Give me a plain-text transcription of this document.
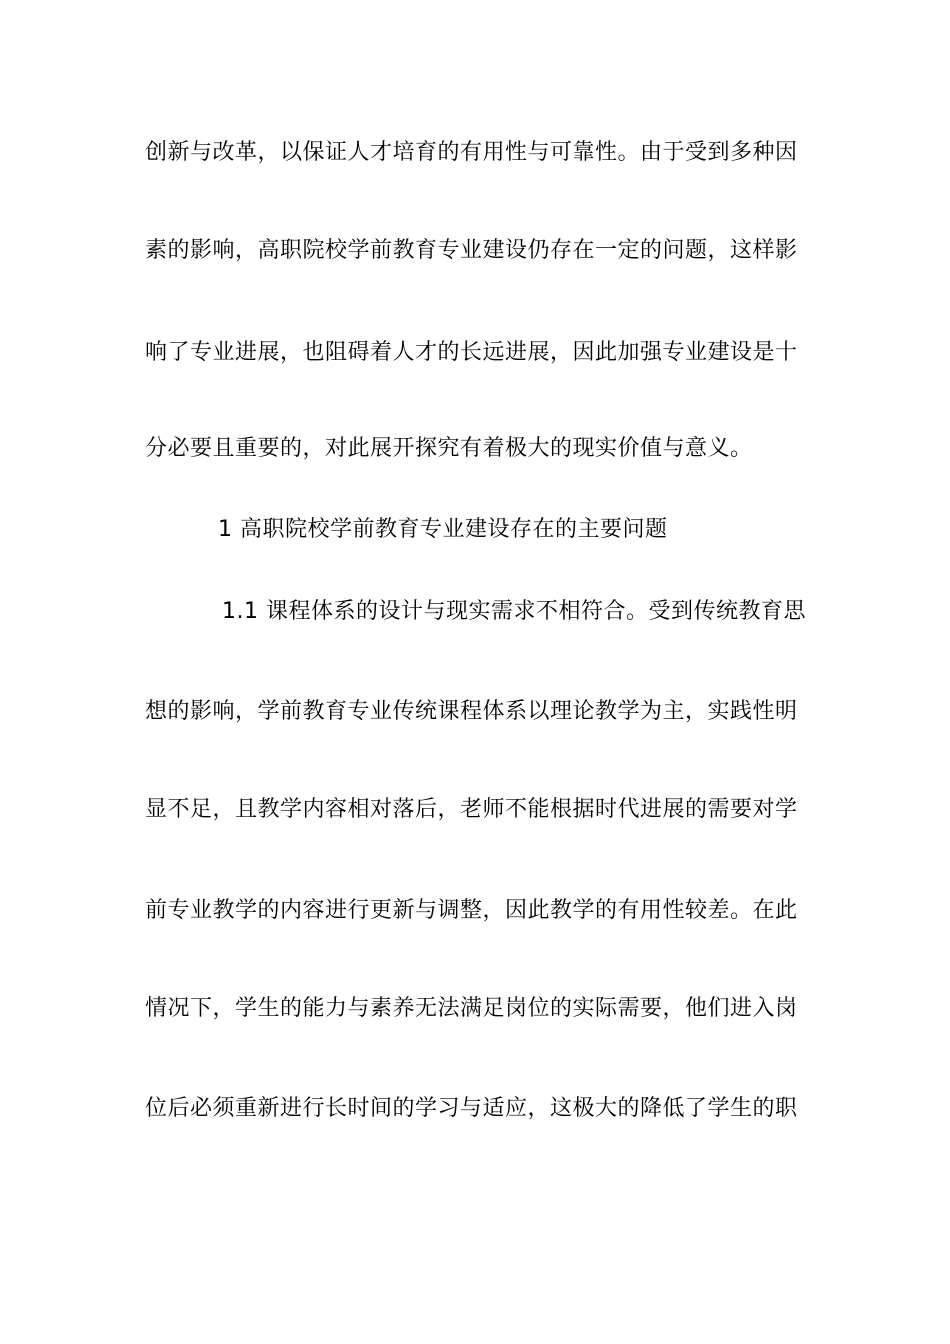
创新与改革，以保证人才培育的有用性与可靠性。由于受到多种因
素的影响，高职院校学前教育专业建设仍存在一定的问题，这样影
响了专业进展，也阻碍着人才的长远进展，因此加强专业建设是十
分必要且重要的，对此展开探究有着极大的现实价值与意义。
1 高职院校学前教育专业建设存在的主要问题
1.1 课程体系的设计与现实需求不相符合。受到传统教育思
想的影响，学前教育专业传统课程体系以理论教学为主，实践性明
显不足，且教学内容相对落后，老师不能根据时代进展的需要对学
前专业教学的内容进行更新与调整，因此教学的有用性较差。在此
情况下，学生的能力与素养无法满足岗位的实际需要，他们进入岗
位后必须重新进行长时间的学习与适应，这极大的降低了学生的职
